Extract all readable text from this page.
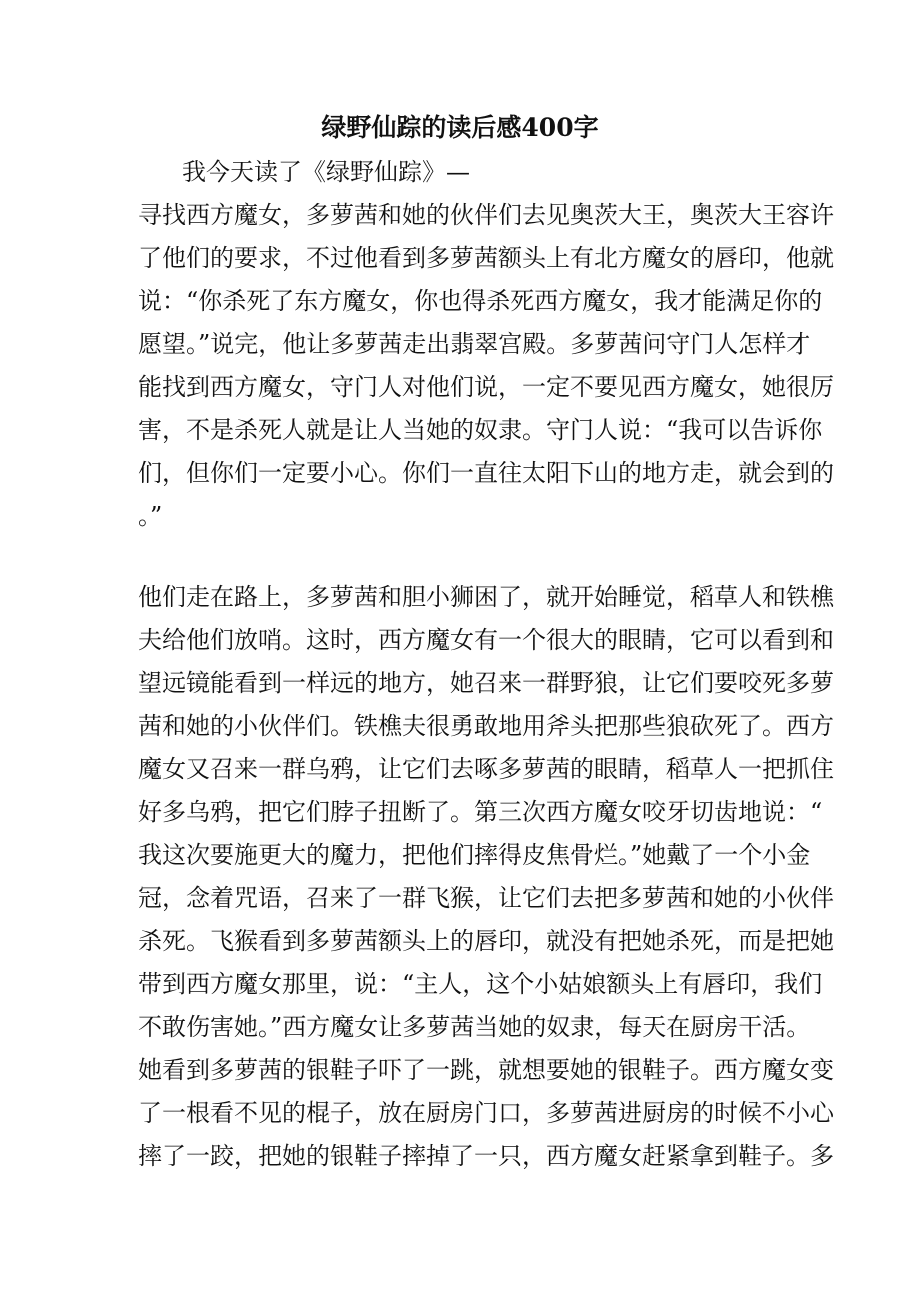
绿野仙踪的读后感400字
我今天读了《绿野仙踪》—
寻找西方魔女，多萝茜和她的伙伴们去见奥茨大王，奥茨大王容许
了他们的要求，不过他看到多萝茜额头上有北方魔女的唇印，他就
说：“你杀死了东方魔女，你也得杀死西方魔女，我才能满足你的
愿望。”说完，他让多萝茜走出翡翠宫殿。多萝茜问守门人怎样才
能找到西方魔女，守门人对他们说，一定不要见西方魔女，她很厉
害，不是杀死人就是让人当她的奴隶。守门人说：“我可以告诉你
们，但你们一定要小心。你们一直往太阳下山的地方走，就会到的
。”
他们走在路上，多萝茜和胆小狮困了，就开始睡觉，稻草人和铁樵
夫给他们放哨。这时，西方魔女有一个很大的眼睛，它可以看到和
望远镜能看到一样远的地方，她召来一群野狼，让它们要咬死多萝
茜和她的小伙伴们。铁樵夫很勇敢地用斧头把那些狼砍死了。西方
魔女又召来一群乌鸦，让它们去啄多萝茜的眼睛，稻草人一把抓住
好多乌鸦，把它们脖子扭断了。第三次西方魔女咬牙切齿地说：“
我这次要施更大的魔力，把他们摔得皮焦骨烂。”她戴了一个小金
冠，念着咒语，召来了一群飞猴，让它们去把多萝茜和她的小伙伴
杀死。飞猴看到多萝茜额头上的唇印，就没有把她杀死，而是把她
带到西方魔女那里，说：“主人，这个小姑娘额头上有唇印，我们
不敢伤害她。”西方魔女让多萝茜当她的奴隶，每天在厨房干活。
她看到多萝茜的银鞋子吓了一跳，就想要她的银鞋子。西方魔女变
了一根看不见的棍子，放在厨房门口，多萝茜进厨房的时候不小心
摔了一跤，把她的银鞋子摔掉了一只，西方魔女赶紧拿到鞋子。多
